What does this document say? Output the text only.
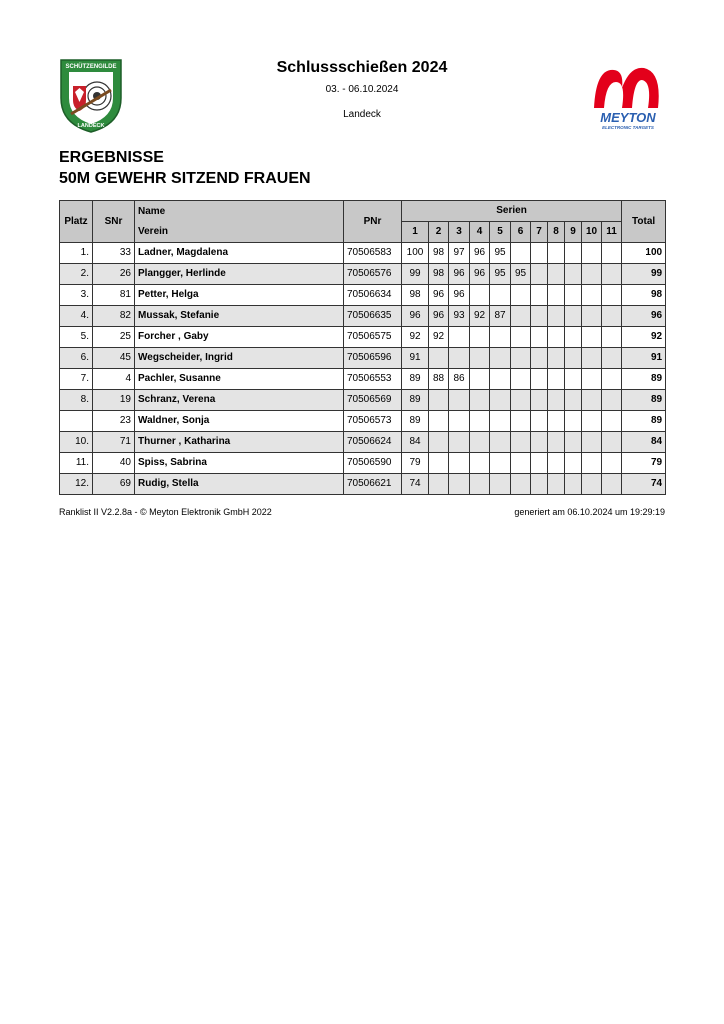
SCHÜTZENGILDE
LANDECK
Schlussschießen 2024
03. - 06.10.2024
Landeck	MEYTON
ELECTRONIC TARGETS
ERGEBNISSE
50M GEWEHR SITZEND FRAUEN
Platz	SNr	Name
Verein	PNr	Serien											Total
				1	2	3	4	5	6	7	8	9	10	11	
1.	33	Ladner, Magdalena	70506583	100	98	97	96	95							100
2.	26	Plangger, Herlinde	70506576	99	98	96	96	95	95						99
3.	81	Petter, Helga	70506634	98	96	96									98
4.	82	Mussak, Stefanie	70506635	96	96	93	92	87							96
5.	25	Forcher , Gaby	70506575	92	92										92
6.	45	Wegscheider, Ingrid	70506596	91											91
7.	4	Pachler, Susanne	70506553	89	88	86									89
8.	19	Schranz, Verena	70506569	89											89
	23	Waldner, Sonja	70506573	89											89
10.	71	Thurner , Katharina	70506624	84											84
11.	40	Spiss, Sabrina	70506590	79											79
12.	69	Rudig, Stella	70506621	74											74
Ranklist II V2.2.8a - © Meyton Elektronik GmbH 2022	generiert am 06.10.2024 um 19:29:19
